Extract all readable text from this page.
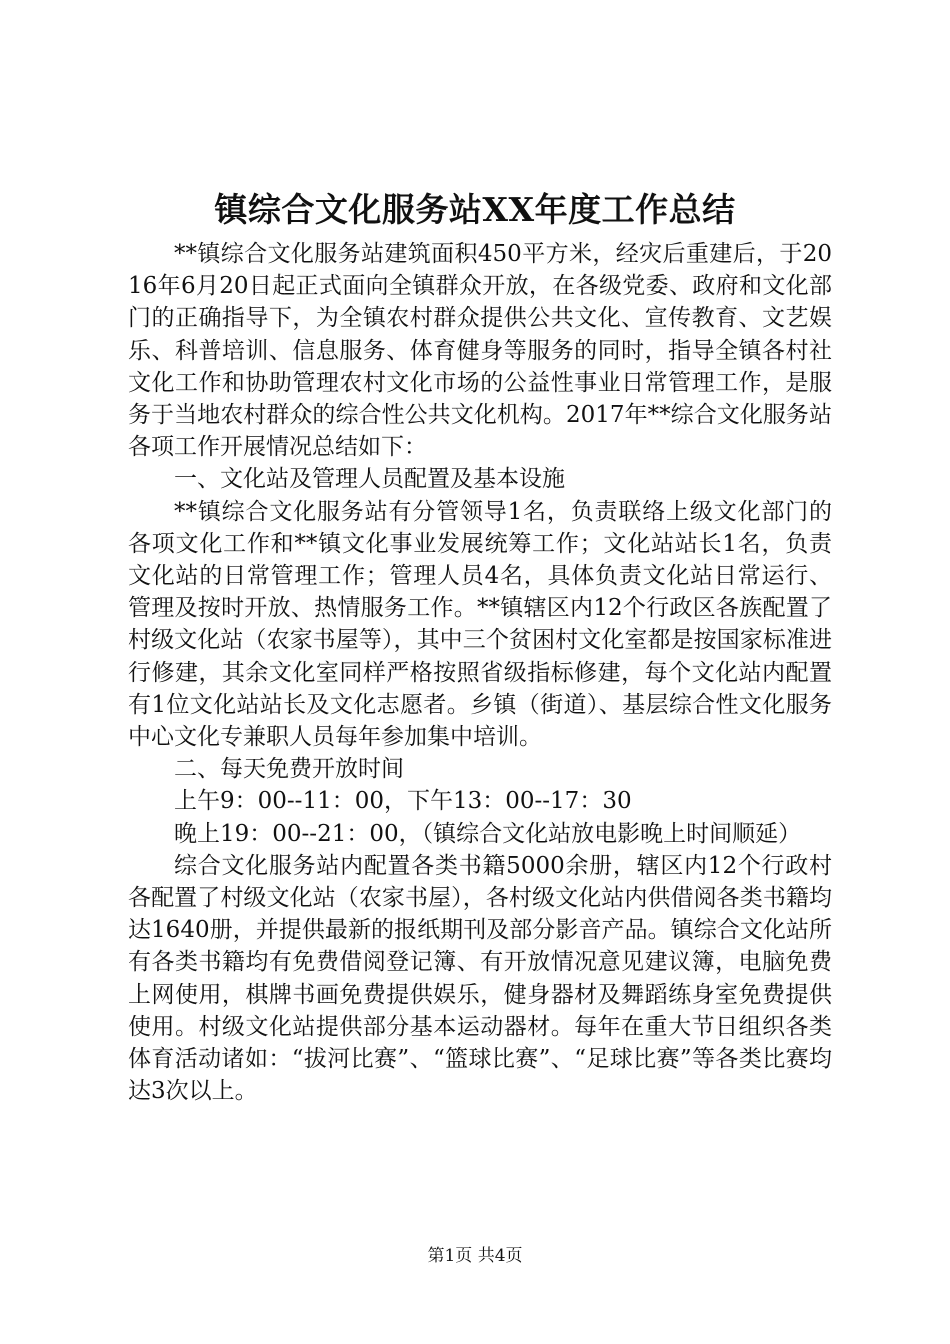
镇综合文化服务站XX年度工作总结

**镇综合文化服务站建筑面积450平方米，经灾后重建后，于2016年6月20日起正式面向全镇群众开放，在各级党委、政府和文化部门的正确指导下，为全镇农村群众提供公共文化、宣传教育、文艺娱乐、科普培训、信息服务、体育健身等服务的同时，指导全镇各村社文化工作和协助管理农村文化市场的公益性事业日常管理工作，是服务于当地农村群众的综合性公共文化机构。2017年**综合文化服务站各项工作开展情况总结如下：

一、文化站及管理人员配置及基本设施

**镇综合文化服务站有分管领导1名，负责联络上级文化部门的各项文化工作和**镇文化事业发展统筹工作；文化站站长1名，负责文化站的日常管理工作；管理人员4名，具体负责文化站日常运行、管理及按时开放、热情服务工作。**镇辖区内12个行政区各族配置了村级文化站（农家书屋等），其中三个贫困村文化室都是按国家标准进行修建，其余文化室同样严格按照省级指标修建，每个文化站内配置有1位文化站站长及文化志愿者。乡镇（街道）、基层综合性文化服务中心文化专兼职人员每年参加集中培训。

二、每天免费开放时间

上午9：00--11：00，下午13：00--17：30

晚上19：00--21：00，（镇综合文化站放电影晚上时间顺延）

综合文化服务站内配置各类书籍5000余册，辖区内12个行政村各配置了村级文化站（农家书屋），各村级文化站内供借阅各类书籍均达1640册，并提供最新的报纸期刊及部分影音产品。镇综合文化站所有各类书籍均有免费借阅登记簿、有开放情况意见建议簿，电脑免费上网使用，棋牌书画免费提供娱乐，健身器材及舞蹈练身室免费提供使用。村级文化站提供部分基本运动器材。每年在重大节日组织各类体育活动诸如：“拔河比赛”、“篮球比赛”、“足球比赛”等各类比赛均达3次以上。

第1页 共4页
